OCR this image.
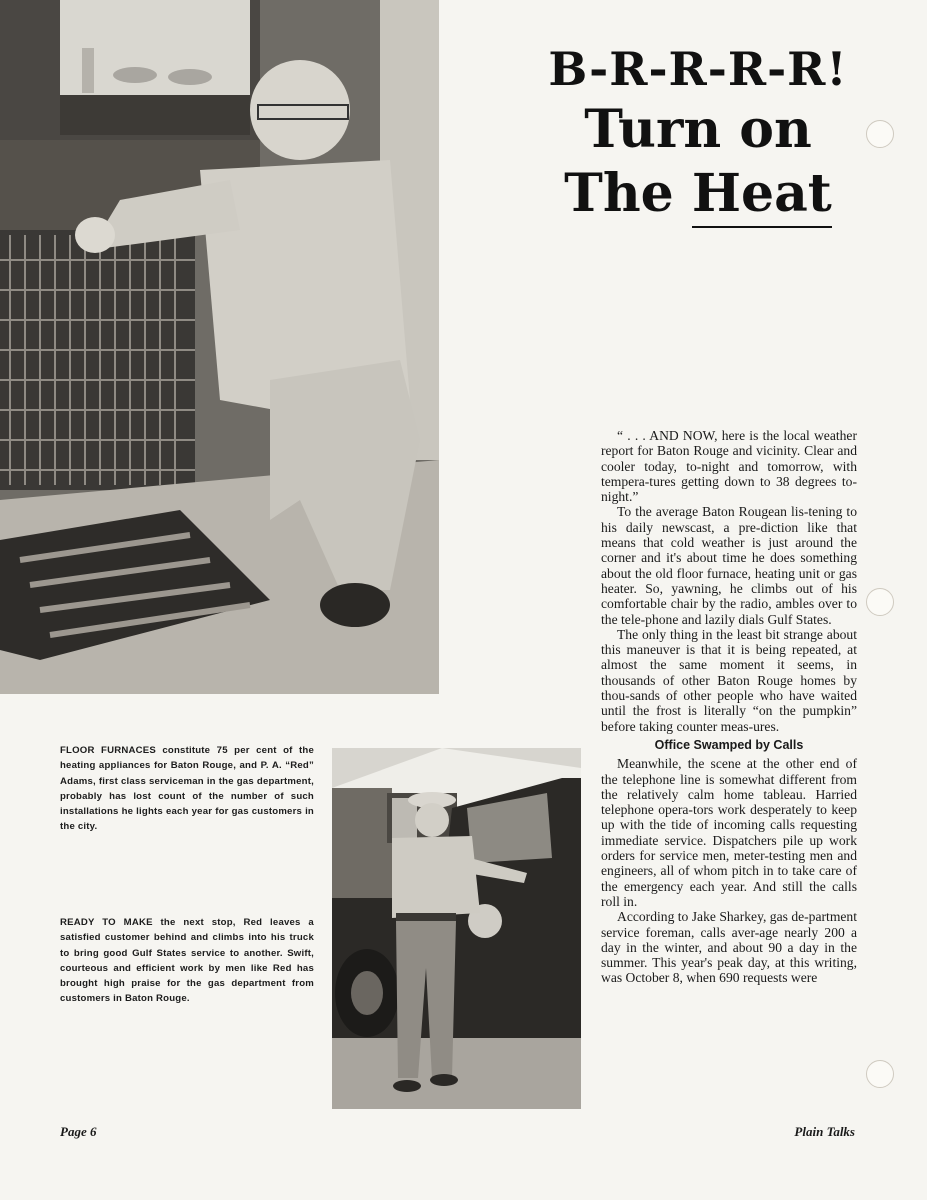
B-R-R-R-R!
Turn on
The Heat

“ . . . AND NOW, here is the local weather report for Baton Rouge and vicinity. Clear and cooler today, to-night and tomorrow, with tempera-tures getting down to 38 degrees to-night.”

To the average Baton Rougean lis-tening to his daily newscast, a pre-diction like that means that cold weather is just around the corner and it's about time he does something about the old floor furnace, heating unit or gas heater. So, yawning, he climbs out of his comfortable chair by the radio, ambles over to the tele-phone and lazily dials Gulf States.

The only thing in the least bit strange about this maneuver is that it is being repeated, at almost the same moment it seems, in thousands of other Baton Rouge homes by thou-sands of other people who have waited until the frost is literally “on the pumpkin” before taking counter meas-ures.

Office Swamped by Calls

Meanwhile, the scene at the other end of the telephone line is somewhat different from the relatively calm home tableau. Harried telephone opera-tors work desperately to keep up with the tide of incoming calls requesting immediate service. Dispatchers pile up work orders for service men, meter-testing men and engineers, all of whom pitch in to take care of the emergency each year. And still the calls roll in.

According to Jake Sharkey, gas de-partment service foreman, calls aver-age nearly 200 a day in the winter, and about 90 a day in the summer. This year's peak day, at this writing, was October 8, when 690 requests were

FLOOR FURNACES constitute 75 per cent of the heating appliances for Baton Rouge, and P. A. “Red” Adams, first class serviceman in the gas department, probably has lost count of the number of such installations he lights each year for gas customers in the city.
READY TO MAKE the next stop, Red leaves a satisfied customer behind and climbs into his truck to bring good Gulf States service to another. Swift, courteous and efficient work by men like Red has brought high praise for the gas department from customers in Baton Rouge.
Page 6	Plain Talks
